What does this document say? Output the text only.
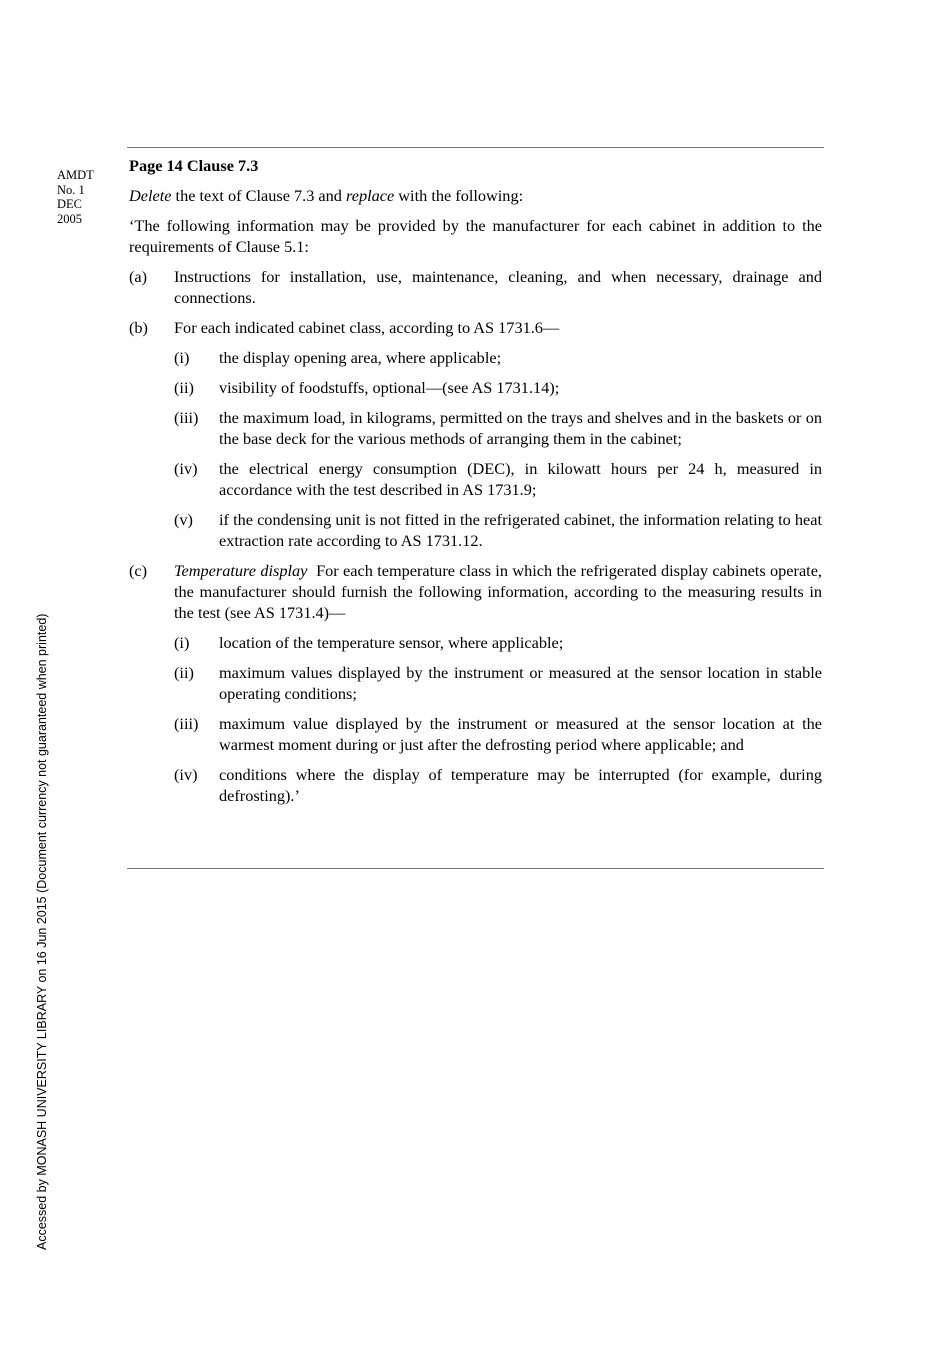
AMDT
No. 1
DEC
2005

Page 14 Clause 7.3

Delete the text of Clause 7.3 and replace with the following:

‘The following information may be provided by the manufacturer for each cabinet in addition to the requirements of Clause 5.1:

(a) Instructions for installation, use, maintenance, cleaning, and when necessary, drainage and connections.
(b) For each indicated cabinet class, according to AS 1731.6—
(i) the display opening area, where applicable;
(ii) visibility of foodstuffs, optional—(see AS 1731.14);
(iii) the maximum load, in kilograms, permitted on the trays and shelves and in the baskets or on the base deck for the various methods of arranging them in the cabinet;
(iv) the electrical energy consumption (DEC), in kilowatt hours per 24 h, measured in accordance with the test described in AS 1731.9;
(v) if the condensing unit is not fitted in the refrigerated cabinet, the information relating to heat extraction rate according to AS 1731.12.
(c) Temperature display For each temperature class in which the refrigerated display cabinets operate, the manufacturer should furnish the following information, according to the measuring results in the test (see AS 1731.4)—
(i) location of the temperature sensor, where applicable;
(ii) maximum values displayed by the instrument or measured at the sensor location in stable operating conditions;
(iii) maximum value displayed by the instrument or measured at the sensor location at the warmest moment during or just after the defrosting period where applicable; and
(iv) conditions where the display of temperature may be interrupted (for example, during defrosting).’
Accessed by MONASH UNIVERSITY LIBRARY on 16 Jun 2015 (Document currency not guaranteed when printed)
